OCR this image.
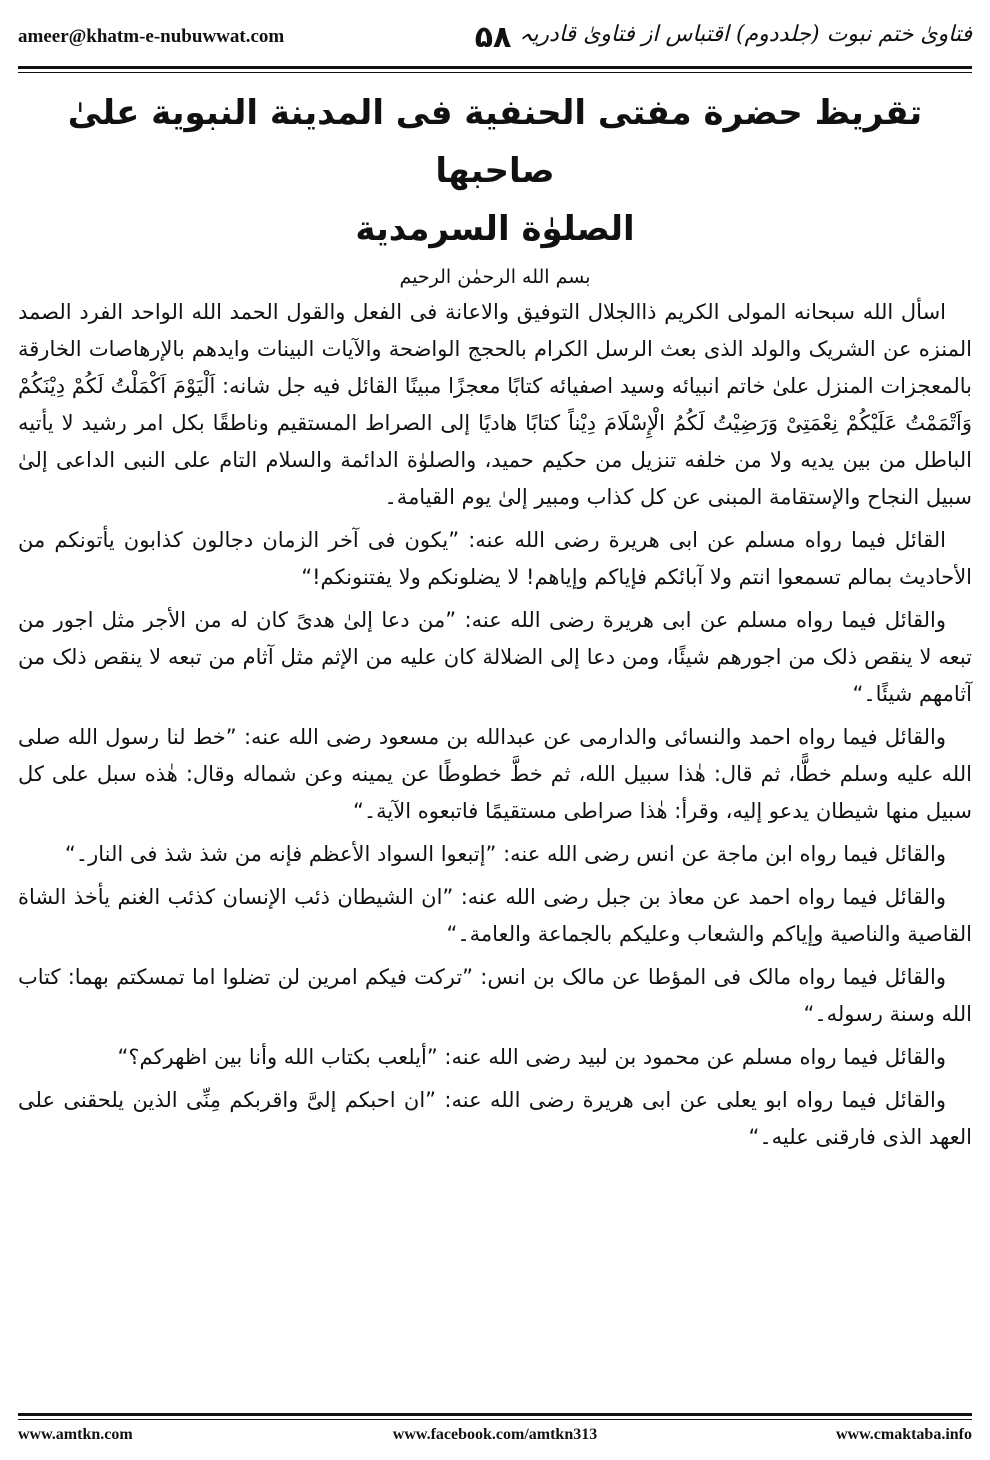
ameer@khatm-e-nubuwwat.com	۵۸ فتاویٰ ختم نبوت (جلددوم) اقتباس از فتاویٰ قادریہ

تقريظ حضرة مفتى الحنفية فى المدينة النبوية علىٰ صاحبها

الصلوٰة السرمدية

بسم الله الرحمٰن الرحيم

اسأل الله سبحانه المولى الكريم ذاالجلال التوفيق والاعانة فى الفعل والقول الحمد الله الواحد الفرد الصمد المنزه عن الشريک والولد الذى بعث الرسل الكرام بالحجج الواضحة والآيات البينات وايدهم بالإرهاصات الخارقة بالمعجزات المنزل علىٰ خاتم انبيائه وسيد اصفيائه كتابًا معجزًا مبينًا القائل فيه جل شانه: اَلْيَوْمَ اَكْمَلْتُ لَكُمْ دِيْنَكُمْ وَاَتْمَمْتُ عَلَيْكُمْ نِعْمَتِىْ وَرَضِيْتُ لَكُمُ الْإِسْلَامَ دِيْناً كتابًا هاديًا إلى الصراط المستقيم وناطقًا بكل امر رشيد لا يأتيه الباطل من بين يديه ولا من خلفه تنزيل من حكيم حميد، والصلوٰة الدائمة والسلام التام على النبى الداعى إلىٰ سبيل النجاح والإستقامة المبنى عن كل كذاب ومبير إلىٰ يوم القيامة۔

القائل فيما رواه مسلم عن ابى هريرة رضى الله عنه: ”يكون فى آخر الزمان دجالون كذابون يأتونكم من الأحاديث بمالم تسمعوا انتم ولا آبائكم فإياكم وإياهم! لا يضلونكم ولا يفتنونكم!“

والقائل فيما رواه مسلم عن ابى هريرة رضى الله عنه: ”من دعا إلىٰ هدىً كان له من الأجر مثل اجور من تبعه لا ينقص ذلک من اجورهم شيئًا، ومن دعا إلى الضلالة كان عليه من الإثم مثل آثام من تبعه لا ينقص ذلک من آثامهم شيئًا۔“

والقائل فيما رواه احمد والنسائى والدارمى عن عبدالله بن مسعود رضى الله عنه: ”خط لنا رسول الله صلى الله عليه وسلم خطًّا، ثم قال: هٰذا سبيل الله، ثم خطَّ خطوطًا عن يمينه وعن شماله وقال: هٰذه سبل على كل سبيل منها شيطان يدعو إليه، وقرأ: هٰذا صراطى مستقيمًا فاتبعوه الآية۔“

والقائل فيما رواه ابن ماجة عن انس رضى الله عنه: ”إتبعوا السواد الأعظم فإنه من شذ شذ فى النار۔“

والقائل فيما رواه احمد عن معاذ بن جبل رضى الله عنه: ”ان الشيطان ذئب الإنسان كذئب الغنم يأخذ الشاة القاصية والناصية وإياكم والشعاب وعليكم بالجماعة والعامة۔“

والقائل فيما رواه مالک فى المؤطا عن مالک بن انس: ”تركت فيكم امرين لن تضلوا اما تمسكتم بهما: كتاب الله وسنة رسوله۔“

والقائل فيما رواه مسلم عن محمود بن لبيد رضى الله عنه: ”أيلعب بكتاب الله وأنا بين اظهركم؟“

والقائل فيما رواه ابو يعلى عن ابى هريرة رضى الله عنه: ”ان احبكم إلىَّ واقربكم مِنِّى الذين يلحقنى على العهد الذى فارقنى عليه۔“

www.amtkn.com	www.facebook.com/amtkn313	www.cmaktaba.info
